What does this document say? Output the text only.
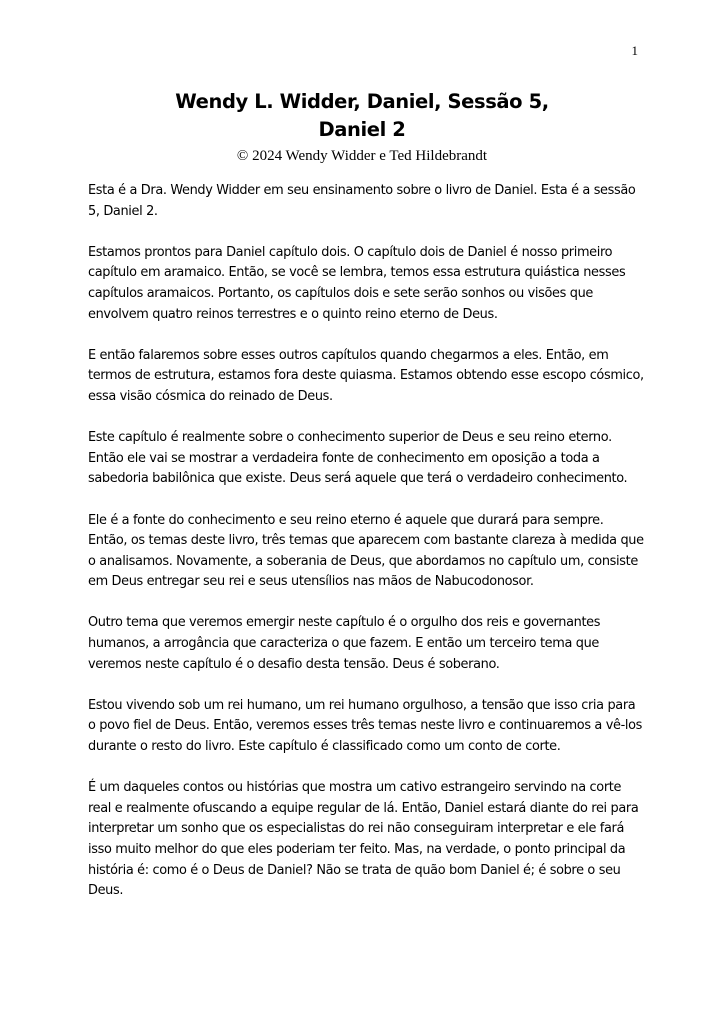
1
Wendy L. Widder, Daniel, Sessão 5,
Daniel 2
© 2024 Wendy Widder e Ted Hildebrandt

Esta é a Dra. Wendy Widder em seu ensinamento sobre o livro de Daniel. Esta é a sessão 5, Daniel 2.

Estamos prontos para Daniel capítulo dois. O capítulo dois de Daniel é nosso primeiro capítulo em aramaico. Então, se você se lembra, temos essa estrutura quiástica nesses capítulos aramaicos. Portanto, os capítulos dois e sete serão sonhos ou visões que envolvem quatro reinos terrestres e o quinto reino eterno de Deus.

E então falaremos sobre esses outros capítulos quando chegarmos a eles. Então, em termos de estrutura, estamos fora deste quiasma. Estamos obtendo esse escopo cósmico, essa visão cósmica do reinado de Deus.

Este capítulo é realmente sobre o conhecimento superior de Deus e seu reino eterno. Então ele vai se mostrar a verdadeira fonte de conhecimento em oposição a toda a sabedoria babilônica que existe. Deus será aquele que terá o verdadeiro conhecimento.

Ele é a fonte do conhecimento e seu reino eterno é aquele que durará para sempre. Então, os temas deste livro, três temas que aparecem com bastante clareza à medida que o analisamos. Novamente, a soberania de Deus, que abordamos no capítulo um, consiste em Deus entregar seu rei e seus utensílios nas mãos de Nabucodonosor.

Outro tema que veremos emergir neste capítulo é o orgulho dos reis e governantes humanos, a arrogância que caracteriza o que fazem. E então um terceiro tema que veremos neste capítulo é o desafio desta tensão. Deus é soberano.

Estou vivendo sob um rei humano, um rei humano orgulhoso, a tensão que isso cria para o povo fiel de Deus. Então, veremos esses três temas neste livro e continuaremos a vê-los durante o resto do livro. Este capítulo é classificado como um conto de corte.

É um daqueles contos ou histórias que mostra um cativo estrangeiro servindo na corte real e realmente ofuscando a equipe regular de lá. Então, Daniel estará diante do rei para interpretar um sonho que os especialistas do rei não conseguiram interpretar e ele fará isso muito melhor do que eles poderiam ter feito. Mas, na verdade, o ponto principal da história é: como é o Deus de Daniel? Não se trata de quão bom Daniel é; é sobre o seu Deus.
